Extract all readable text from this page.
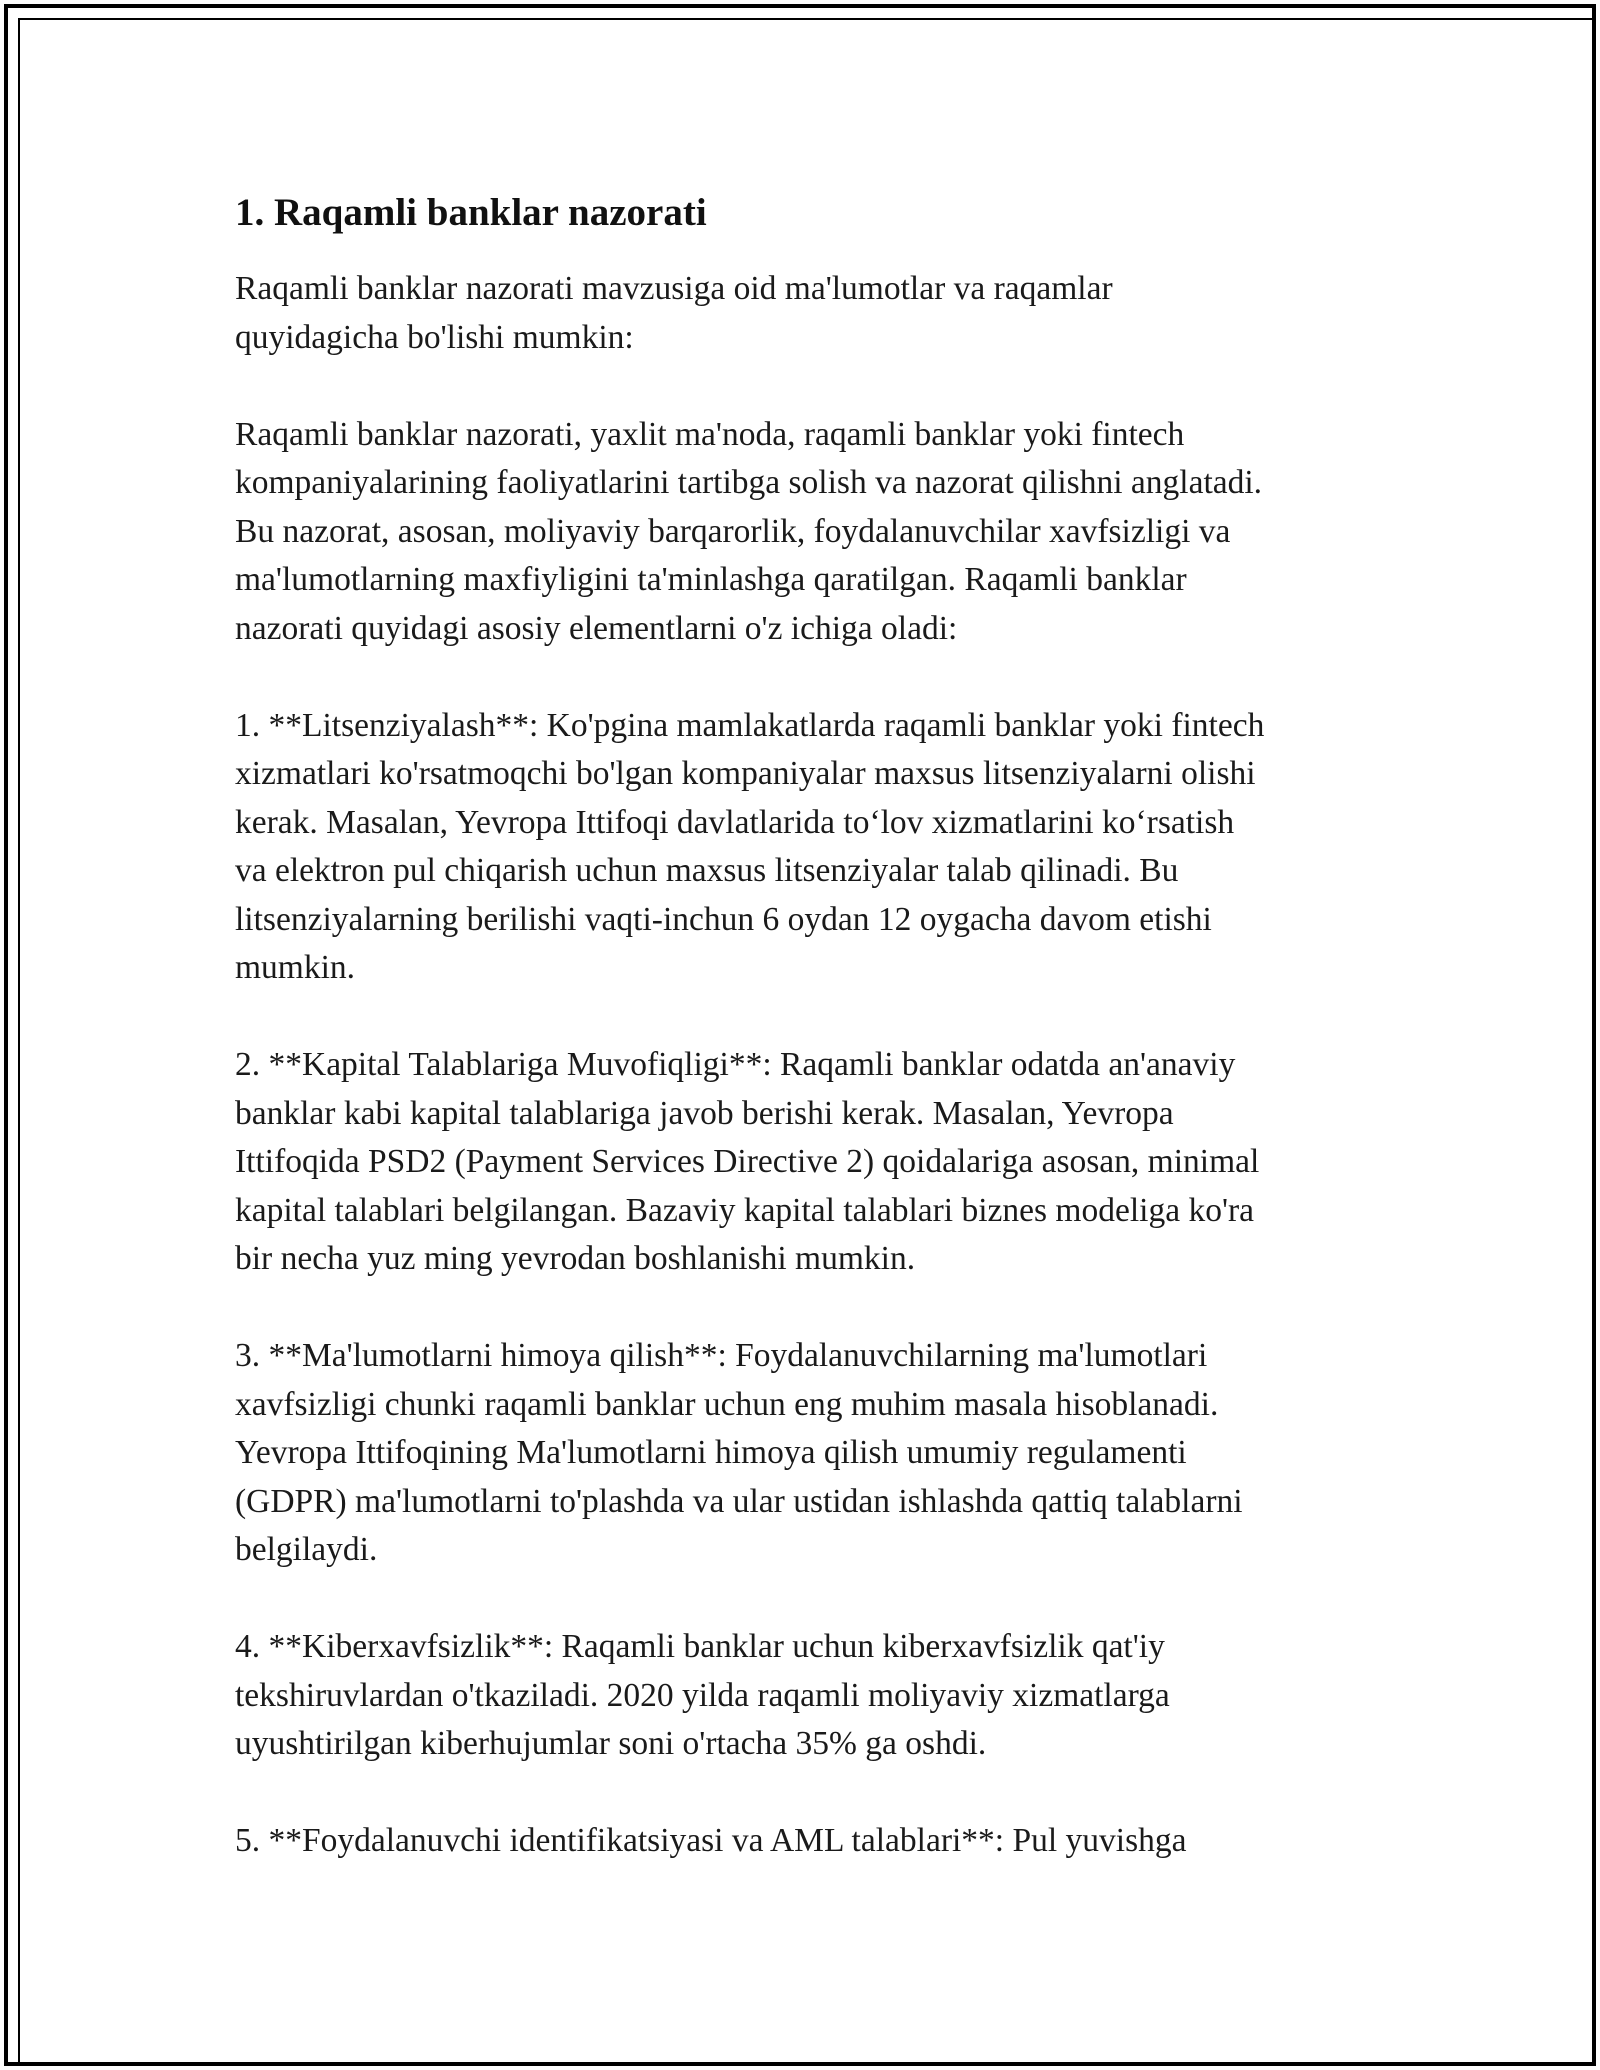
1. Raqamli banklar nazorati

Raqamli banklar nazorati mavzusiga oid ma'lumotlar va raqamlar
quyidagicha bo'lishi mumkin:

Raqamli banklar nazorati, yaxlit ma'noda, raqamli banklar yoki fintech
kompaniyalarining faoliyatlarini tartibga solish va nazorat qilishni anglatadi.
Bu nazorat, asosan, moliyaviy barqarorlik, foydalanuvchilar xavfsizligi va
ma'lumotlarning maxfiyligini ta'minlashga qaratilgan. Raqamli banklar
nazorati quyidagi asosiy elementlarni o'z ichiga oladi:

1. **Litsenziyalash**: Ko'pgina mamlakatlarda raqamli banklar yoki fintech
xizmatlari ko'rsatmoqchi bo'lgan kompaniyalar maxsus litsenziyalarni olishi
kerak. Masalan, Yevropa Ittifoqi davlatlarida to‘lov xizmatlarini ko‘rsatish
va elektron pul chiqarish uchun maxsus litsenziyalar talab qilinadi. Bu
litsenziyalarning berilishi vaqti-inchun 6 oydan 12 oygacha davom etishi
mumkin.

2. **Kapital Talablariga Muvofiqligi**: Raqamli banklar odatda an'anaviy
banklar kabi kapital talablariga javob berishi kerak. Masalan, Yevropa
Ittifoqida PSD2 (Payment Services Directive 2) qoidalariga asosan, minimal
kapital talablari belgilangan. Bazaviy kapital talablari biznes modeliga ko'ra
bir necha yuz ming yevrodan boshlanishi mumkin.

3. **Ma'lumotlarni himoya qilish**: Foydalanuvchilarning ma'lumotlari
xavfsizligi chunki raqamli banklar uchun eng muhim masala hisoblanadi.
Yevropa Ittifoqining Ma'lumotlarni himoya qilish umumiy regulamenti
(GDPR) ma'lumotlarni to'plashda va ular ustidan ishlashda qattiq talablarni
belgilaydi.

4. **Kiberxavfsizlik**: Raqamli banklar uchun kiberxavfsizlik qat'iy
tekshiruvlardan o'tkaziladi. 2020 yilda raqamli moliyaviy xizmatlarga
uyushtirilgan kiberhujumlar soni o'rtacha 35% ga oshdi.

5. **Foydalanuvchi identifikatsiyasi va AML talablari**: Pul yuvishga
